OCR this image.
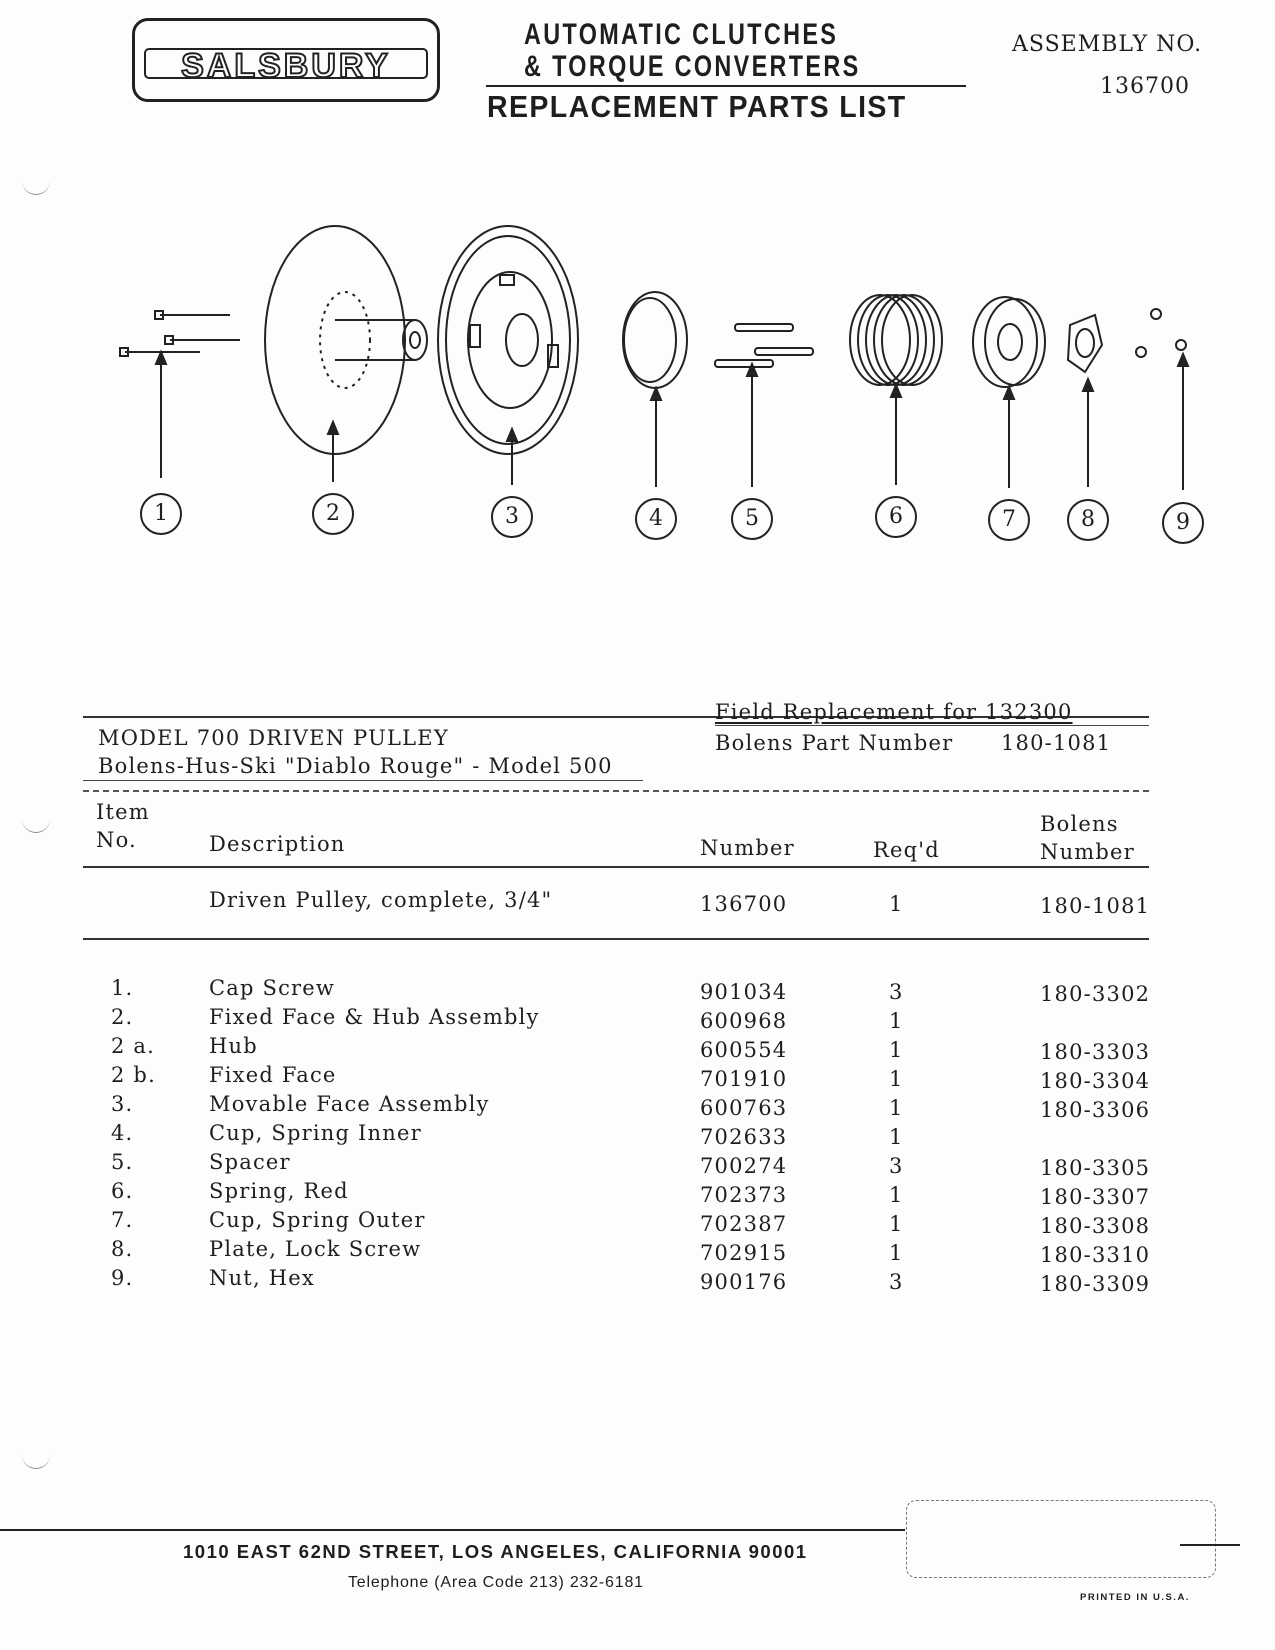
SALSBURY
AUTOMATIC CLUTCHES
& TORQUE CONVERTERS
REPLACEMENT PARTS LIST
ASSEMBLY NO.
136700
1	2	3	4	5	6	7	8	9
MODEL 700 DRIVEN PULLEY
Bolens-Hus-Ski "Diablo Rouge" - Model 500
Field Replacement for 132300
Bolens Part Number 180-1081
Item
No.	Description	Number	Req'd
Bolens
Number
Driven Pulley, complete, 3/4"	136700	1	180-1081
1.	Cap Screw	901034	3	180-3302
2.	Fixed Face & Hub Assembly	600968	1
2 a.	Hub	600554	1	180-3303
2 b.	Fixed Face	701910	1	180-3304
3.	Movable Face Assembly	600763	1	180-3306
4.	Cup, Spring Inner	702633	1
5.	Spacer	700274	3	180-3305
6.	Spring, Red	702373	1	180-3307
7.	Cup, Spring Outer	702387	1	180-3308
8.	Plate, Lock Screw	702915	1	180-3310
9.	Nut, Hex	900176	3	180-3309
1010 EAST 62ND STREET, LOS ANGELES, CALIFORNIA 90001
Telephone (Area Code 213) 232-6181
PRINTED IN U.S.A.
